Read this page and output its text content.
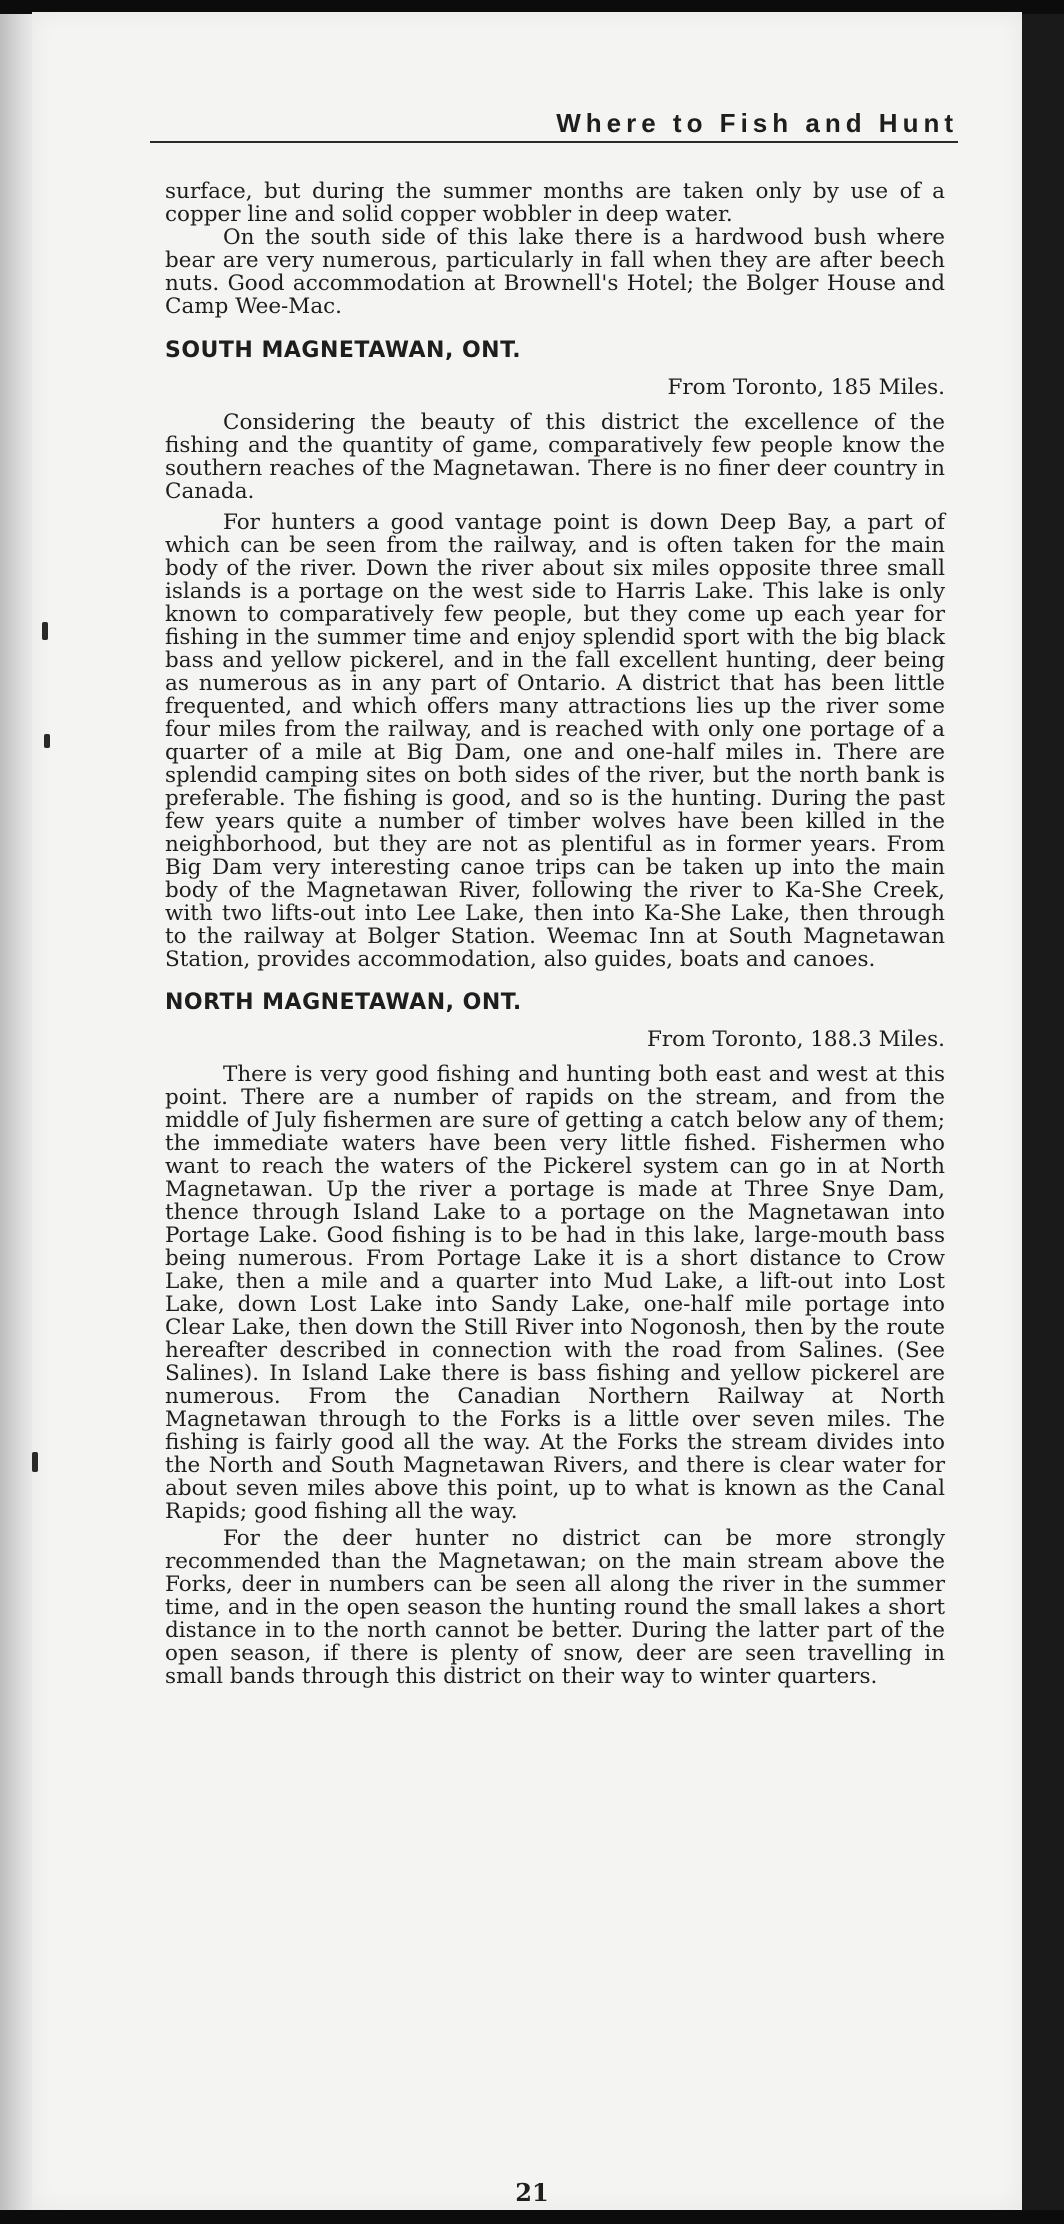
Where to Fish and Hunt

surface, but during the summer months are taken only by use of a copper line and solid copper wobbler in deep water.

On the south side of this lake there is a hardwood bush where bear are very numerous, particularly in fall when they are after beech nuts. Good accommodation at Brownell's Hotel; the Bolger House and Camp Wee-Mac.

SOUTH MAGNETAWAN, ONT.

From Toronto, 185 Miles.

Considering the beauty of this district the excellence of the fishing and the quantity of game, comparatively few people know the southern reaches of the Magnetawan. There is no finer deer country in Canada.

For hunters a good vantage point is down Deep Bay, a part of which can be seen from the railway, and is often taken for the main body of the river. Down the river about six miles opposite three small islands is a portage on the west side to Harris Lake. This lake is only known to comparatively few people, but they come up each year for fishing in the summer time and enjoy splendid sport with the big black bass and yellow pickerel, and in the fall excellent hunting, deer being as numerous as in any part of Ontario. A district that has been little frequented, and which offers many attractions lies up the river some four miles from the railway, and is reached with only one portage of a quarter of a mile at Big Dam, one and one-half miles in. There are splendid camping sites on both sides of the river, but the north bank is preferable. The fishing is good, and so is the hunting. During the past few years quite a number of timber wolves have been killed in the neighborhood, but they are not as plentiful as in former years. From Big Dam very interesting canoe trips can be taken up into the main body of the Magnetawan River, following the river to Ka-She Creek, with two lifts-out into Lee Lake, then into Ka-She Lake, then through to the railway at Bolger Station. Weemac Inn at South Magnetawan Station, provides accommodation, also guides, boats and canoes.

NORTH MAGNETAWAN, ONT.

From Toronto, 188.3 Miles.

There is very good fishing and hunting both east and west at this point. There are a number of rapids on the stream, and from the middle of July fishermen are sure of getting a catch below any of them; the immediate waters have been very little fished. Fishermen who want to reach the waters of the Pickerel system can go in at North Magnetawan. Up the river a portage is made at Three Snye Dam, thence through Island Lake to a portage on the Magnetawan into Portage Lake. Good fishing is to be had in this lake, large-mouth bass being numerous. From Portage Lake it is a short distance to Crow Lake, then a mile and a quarter into Mud Lake, a lift-out into Lost Lake, down Lost Lake into Sandy Lake, one-half mile portage into Clear Lake, then down the Still River into Nogonosh, then by the route hereafter described in connection with the road from Salines. (See Salines). In Island Lake there is bass fishing and yellow pickerel are numerous. From the Canadian Northern Railway at North Magnetawan through to the Forks is a little over seven miles. The fishing is fairly good all the way. At the Forks the stream divides into the North and South Magnetawan Rivers, and there is clear water for about seven miles above this point, up to what is known as the Canal Rapids; good fishing all the way.

For the deer hunter no district can be more strongly recommended than the Magnetawan; on the main stream above the Forks, deer in numbers can be seen all along the river in the summer time, and in the open season the hunting round the small lakes a short distance in to the north cannot be better. During the latter part of the open season, if there is plenty of snow, deer are seen travelling in small bands through this district on their way to winter quarters.

21
